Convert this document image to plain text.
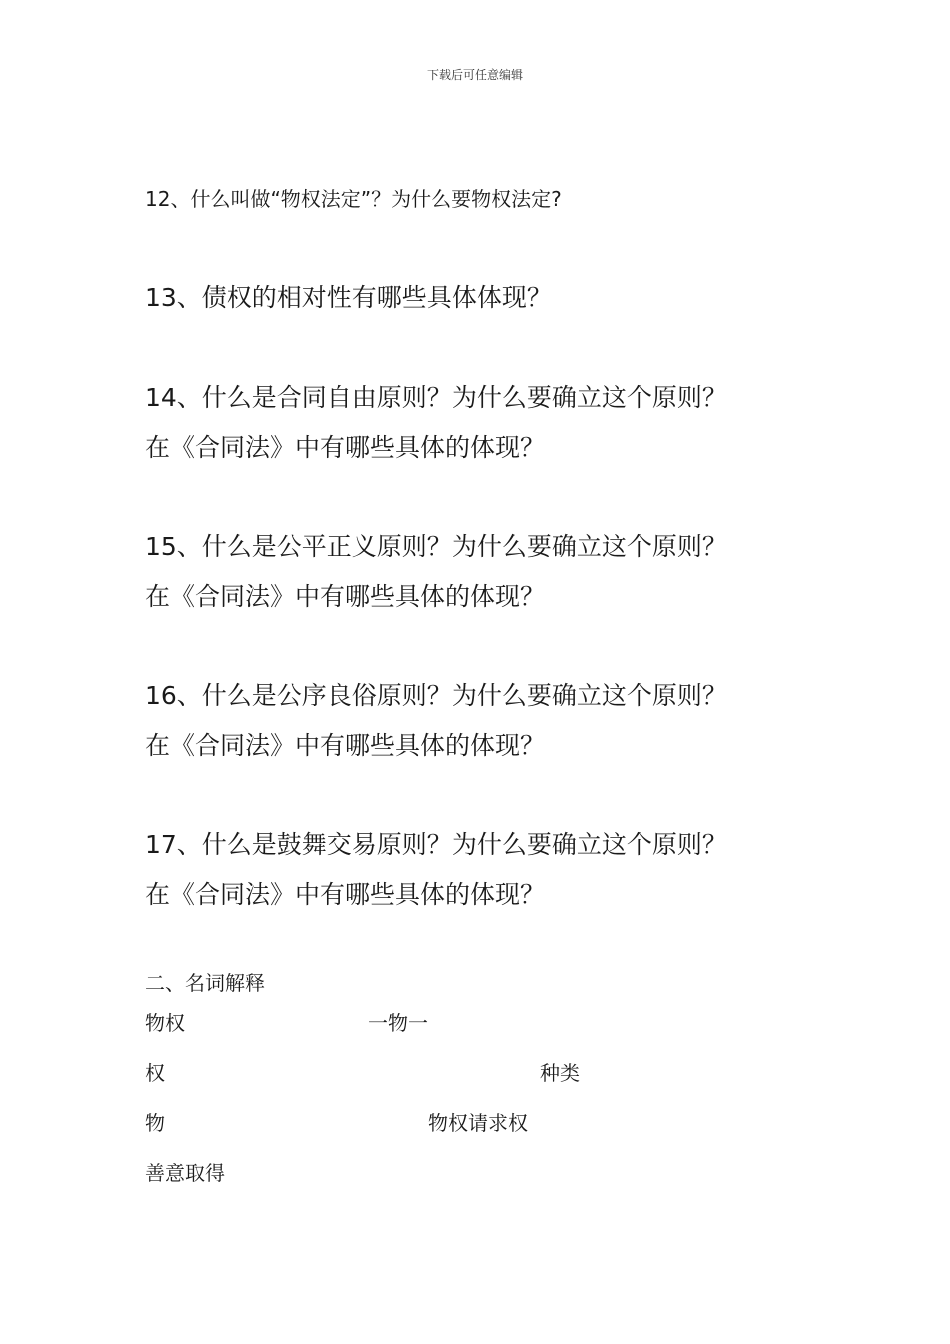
下载后可任意编辑
12、什么叫做“物权法定”？为什么要物权法定?
13、债权的相对性有哪些具体体现？
14、什么是合同自由原则？为什么要确立这个原则？
在《合同法》中有哪些具体的体现？
15、什么是公平正义原则？为什么要确立这个原则？
在《合同法》中有哪些具体的体现？
16、什么是公序良俗原则？为什么要确立这个原则？
在《合同法》中有哪些具体的体现？
17、什么是鼓舞交易原则？为什么要确立这个原则？
在《合同法》中有哪些具体的体现？
二、名词解释
物权	一物一
权	种类
物	物权请求权
善意取得
